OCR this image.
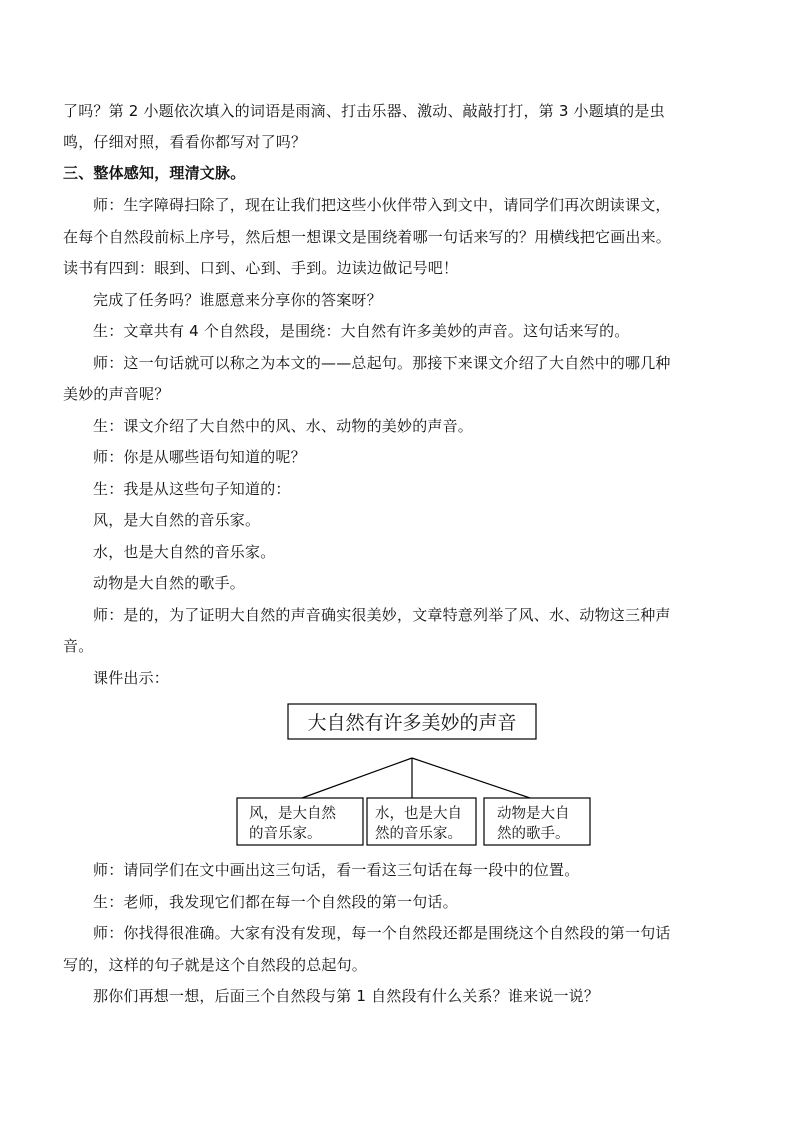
了吗？第 2 小题依次填入的词语是雨滴、打击乐器、激动、敲敲打打，第 3 小题填的是虫
鸣，仔细对照，看看你都写对了吗？
三、整体感知，理清文脉。
师：生字障碍扫除了，现在让我们把这些小伙伴带入到文中，请同学们再次朗读课文，
在每个自然段前标上序号，然后想一想课文是围绕着哪一句话来写的？用横线把它画出来。
读书有四到：眼到、口到、心到、手到。边读边做记号吧！
完成了任务吗？谁愿意来分享你的答案呀？
生：文章共有 4 个自然段，是围绕：大自然有许多美妙的声音。这句话来写的。
师：这一句话就可以称之为本文的——总起句。那接下来课文介绍了大自然中的哪几种
美妙的声音呢？
生：课文介绍了大自然中的风、水、动物的美妙的声音。
师：你是从哪些语句知道的呢？
生：我是从这些句子知道的：
风，是大自然的音乐家。
水，也是大自然的音乐家。
动物是大自然的歌手。
师：是的，为了证明大自然的声音确实很美妙，文章特意列举了风、水、动物这三种声
音。
课件出示：
大自然有许多美妙的声音
风，是大自然
的音乐家。
水，也是大自
然的音乐家。
动物是大自
然的歌手。
师：请同学们在文中画出这三句话，看一看这三句话在每一段中的位置。
生：老师，我发现它们都在每一个自然段的第一句话。
师：你找得很准确。大家有没有发现，每一个自然段还都是围绕这个自然段的第一句话
写的，这样的句子就是这个自然段的总起句。
那你们再想一想，后面三个自然段与第 1 自然段有什么关系？谁来说一说？
